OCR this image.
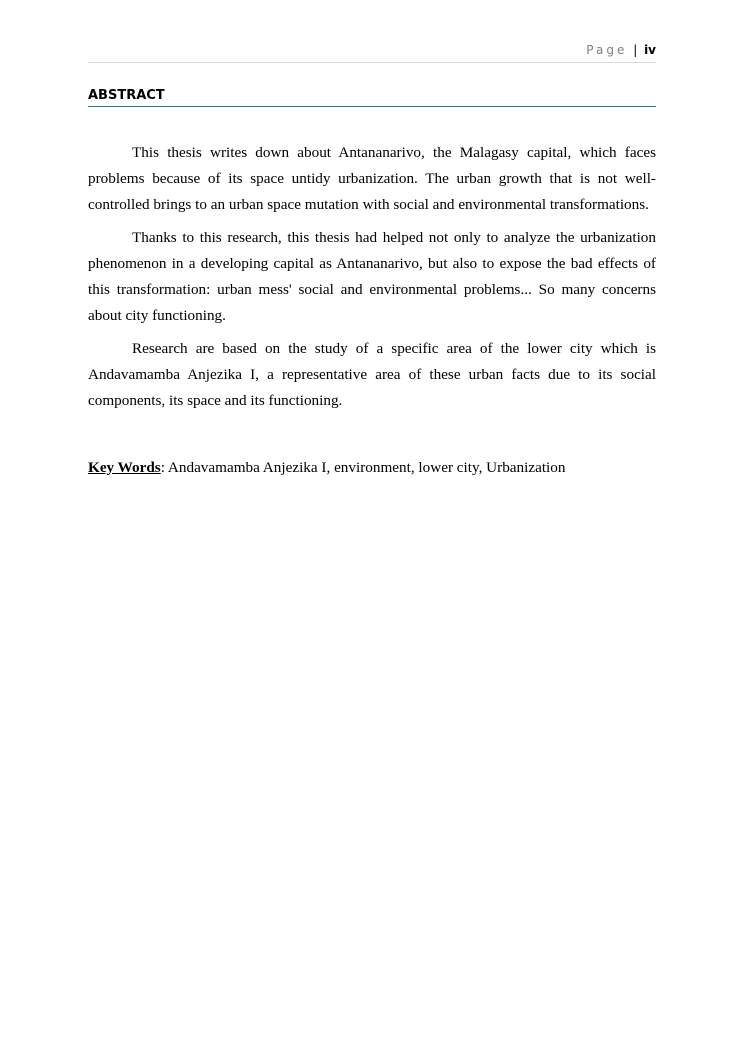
Page | iv
ABSTRACT

This thesis writes down about Antananarivo, the Malagasy capital, which faces problems because of its space untidy urbanization. The urban growth that is not well-controlled brings to an urban space mutation with social and environmental transformations.

Thanks to this research, this thesis had helped not only to analyze the urbanization phenomenon in a developing capital as Antananarivo, but also to expose the bad effects of this transformation: urban mess' social and environmental problems... So many concerns about city functioning.

Research are based on the study of a specific area of the lower city which is Andavamamba Anjezika I, a representative area of these urban facts due to its social components, its space and its functioning.

Key Words: Andavamamba Anjezika I, environment, lower city, Urbanization
